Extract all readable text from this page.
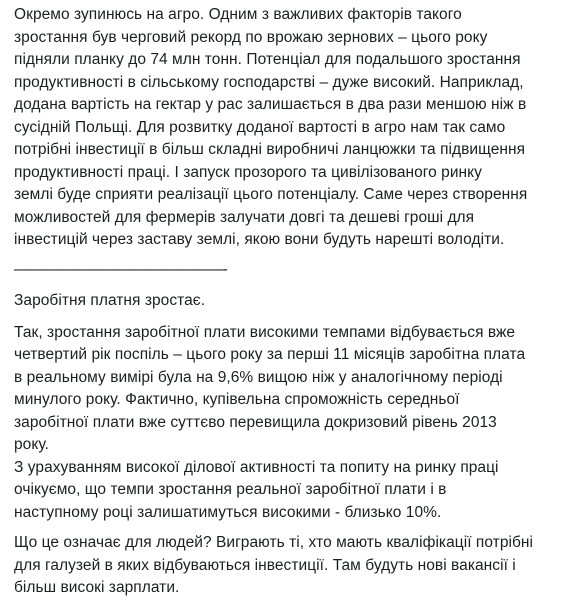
Окремо зупинюсь на агро. Одним з важливих факторів такого
зростання був черговий рекорд по врожаю зернових – цього року
підняли планку до 74 млн тонн. Потенціал для подальшого зростання
продуктивності в сільському господарстві – дуже високий. Наприклад,
додана вартість на гектар у рас залишається в два рази меншою ніж в
сусідній Польщі. Для розвитку доданої вартості в агро нам так само
потрібні інвестиції в більш складні виробничі ланцюжки та підвищення
продуктивності праці. І запуск прозорого та цивілізованого ринку
землі буде сприяти реалізації цього потенціалу. Саме через створення
можливостей для фермерів залучати довгі та дешеві гроші для
інвестицій через заставу землі, якою вони будуть нарешті володіти.

——————————————-

Заробітня платня зростає.

Так, зростання заробітної плати високими темпами відбувається вже
четвертий рік поспіль – цього року за перші 11 місяців заробітна плата
в реальному вимірі була на 9,6% вищою ніж у аналогічному періоді
минулого року. Фактично, купівельна спроможність середньої
заробітної плати вже суттєво перевищила докризовий рівень 2013
року.
З урахуванням високої ділової активності та попиту на ринку праці
очікуємо, що темпи зростання реальної заробітної плати і в
наступному році залишатимуться високими - близько 10%.

Що це означає для людей? Виграють ті, хто мають кваліфікації потрібні
для галузей в яких відбуваються інвестиції. Там будуть нові вакансії і
більш високі зарплати.
